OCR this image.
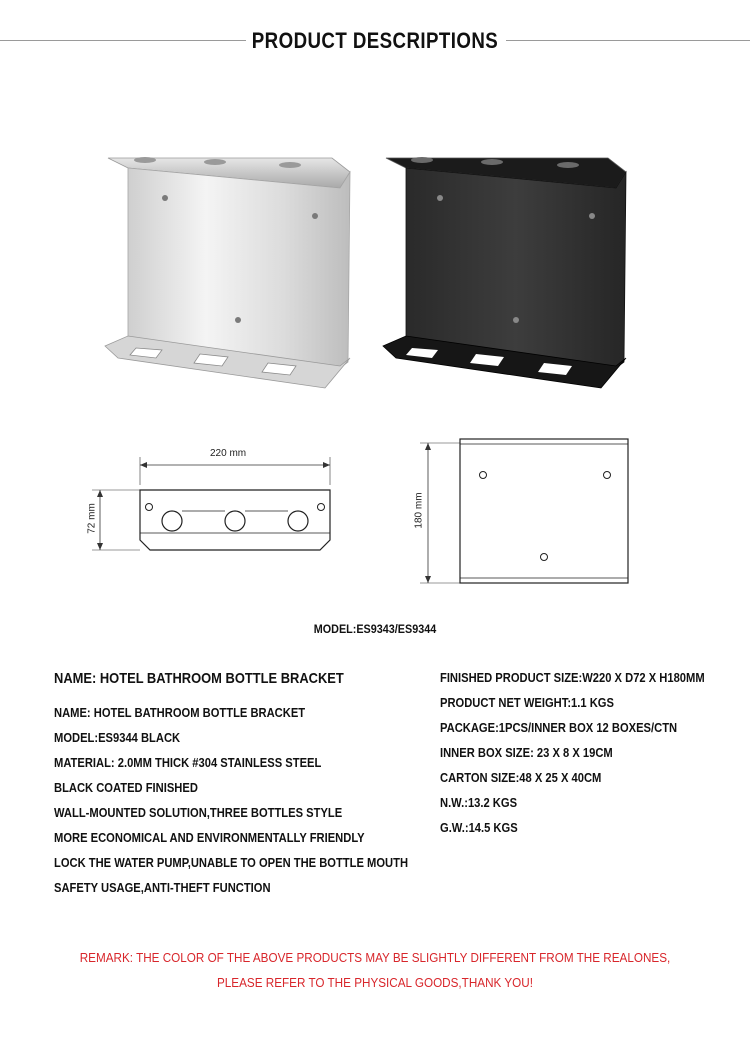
PRODUCT DESCRIPTIONS
220 mm
72 mm	180 mm
MODEL:ES9343/ES9344
NAME: HOTEL BATHROOM BOTTLE BRACKET
NAME: HOTEL BATHROOM BOTTLE BRACKET
MODEL:ES9344 BLACK
MATERIAL: 2.0MM THICK #304 STAINLESS STEEL
BLACK COATED FINISHED
WALL-MOUNTED SOLUTION,THREE BOTTLES STYLE
MORE ECONOMICAL AND ENVIRONMENTALLY FRIENDLY
LOCK THE WATER PUMP,UNABLE TO OPEN THE BOTTLE MOUTH
SAFETY USAGE,ANTI-THEFT FUNCTION
FINISHED PRODUCT SIZE:W220 X D72 X H180MM
PRODUCT NET WEIGHT:1.1 KGS
PACKAGE:1PCS/INNER BOX 12 BOXES/CTN
INNER BOX SIZE: 23 X 8 X 19CM
CARTON SIZE:48 X 25 X 40CM
N.W.:13.2 KGS
G.W.:14.5 KGS
REMARK: THE COLOR OF THE ABOVE PRODUCTS MAY BE SLIGHTLY DIFFERENT FROM THE REALONES,
PLEASE REFER TO THE PHYSICAL GOODS,THANK YOU!
